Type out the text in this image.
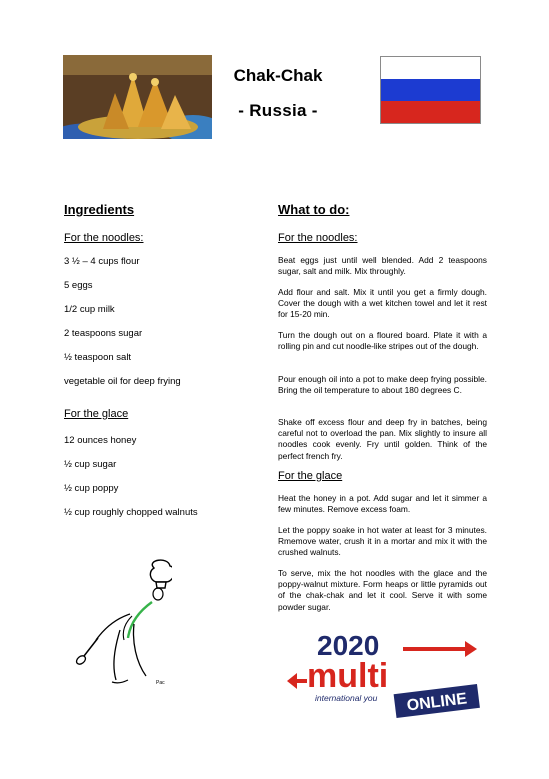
Chak-Chak
- Russia -
Ingredients
For the noodles:
3 ½ – 4 cups flour
5 eggs
1/2 cup milk
2 teaspoons sugar
½ teaspoon salt
vegetable oil for deep frying
For the glace
12 ounces honey
½ cup sugar
½ cup poppy
½ cup roughly chopped walnuts
What to do:
For the noodles:
Beat eggs just until well blended. Add 2 teaspoons sugar, salt and milk. Mix throughly.
Add flour and salt. Mix it until you get a firmly dough. Cover the dough with a wet kitchen towel and let it rest for 15-20 min.
Turn the dough out on a floured board. Plate it with a rolling pin and cut noodle-like stripes out of the dough.
Pour enough oil into a pot to make deep frying possible. Bring the oil temperature to about 180 degrees C.
Shake off excess flour and deep fry in batches, being careful not to overload the pan. Mix slightly to insure all noodles cook evenly. Fry until golden. Think of the perfect french fry.
For the glace
Heat the honey in a pot. Add sugar and let it simmer a few minutes. Remove excess foam.
Let the poppy soake in hot water at least for 3 minutes. Rmemove water, crush it in a mortar and mix it with the crushed walnuts.
To serve, mix the hot noodles with the glace and the poppy-walnut mixture. Form heaps or little pyramids out of the chak-chak and let it cool. Serve it with some powder sugar.
Pac
2020
multi
international you ONLINE
